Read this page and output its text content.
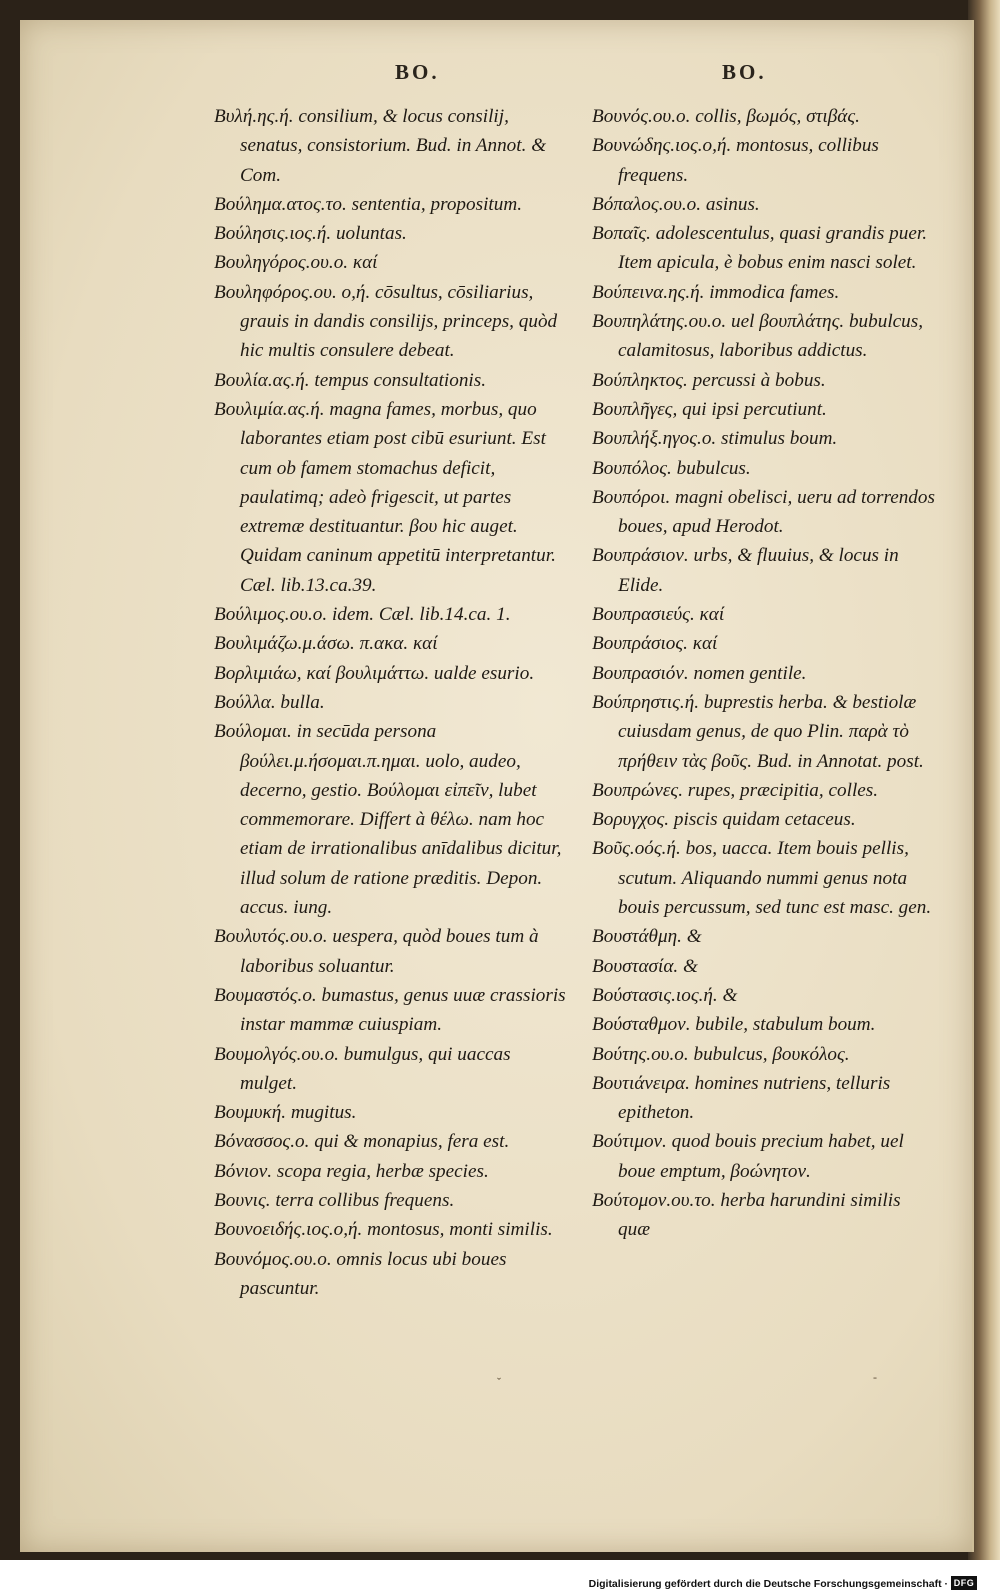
BO.	BO.

Βυλή.ης.ή. consilium, & locus consilij, senatus, consistorium. Bud. in Annot. & Com.

Βούλημα.ατος.το. sententia, propositum.

Βούλησις.ιος.ή. uoluntas.

Βουληγόρος.ου.ο. καί

Βουληφόρος.ου. ο,ή. cōsultus, cōsiliarius, grauis in dandis consilijs, princeps, quòd hic multis consulere debeat.

Βουλία.ας.ή. tempus consultationis.

Βουλιμία.ας.ή. magna fames, morbus, quo laborantes etiam post cibū esuriunt. Est cum ob famem stomachus deficit, paulatimq; adeò frigescit, ut partes extremæ destituantur. βου hic auget. Quidam caninum appetitū interpretantur. Cæl. lib.13.ca.39.

Βούλιμος.ου.ο. idem. Cæl. lib.14.ca. 1.

Βουλιμάζω.μ.άσω. π.ακα. καί

Βορλιμιάω, καί βουλιμάττω. ualde esurio.

Βούλλα. bulla.

Βούλομαι. in secūda persona βούλει.μ.ήσομαι.π.ημαι. uolo, audeo, decerno, gestio. Βούλομαι εἰπεῖν, lubet commemorare. Differt à θέλω. nam hoc etiam de irrationalibus anīdalibus dicitur, illud solum de ratione præditis. Depon. accus. iung.

Βουλυτός.ου.ο. uespera, quòd boues tum à laboribus soluantur.

Βουμαστός.ο. bumastus, genus uuæ crassioris instar mammæ cuiuspiam.

Βουμολγός.ου.ο. bumulgus, qui uaccas mulget.

Βουμυκή. mugitus.

Βόνασσος.ο. qui & monapius, fera est.

Βόνιον. scopa regia, herbæ species.

Βουνις. terra collibus frequens.

Βουνοειδής.ιος.ο,ή. montosus, monti similis.

Βουνόμος.ου.ο. omnis locus ubi boues pascuntur.

Βουνός.ου.ο. collis, βωμός, στιβάς.

Βουνώδης.ιος.ο,ή. montosus, collibus frequens.

Βόπαλος.ου.ο. asinus.

Βοπαῖς. adolescentulus, quasi grandis puer. Item apicula, è bobus enim nasci solet.

Βούπεινα.ης.ή. immodica fames.

Βουπηλάτης.ου.ο. uel βουπλάτης. bubulcus, calamitosus, laboribus addictus.

Βούπληκτος. percussi à bobus.

Βουπλῆγες, qui ipsi percutiunt.

Βουπλήξ.ηγος.ο. stimulus boum.

Βουπόλος. bubulcus.

Βουπόροι. magni obelisci, ueru ad torrendos boues, apud Herodot.

Βουπράσιον. urbs, & fluuius, & locus in Elide.

Βουπρασιεύς. καί

Βουπράσιος. καί

Βουπρασιόν. nomen gentile.

Βούπρηστις.ή. buprestis herba. & bestiolæ cuiusdam genus, de quo Plin. παρὰ τὸ πρήθειν τὰς βοῦς. Bud. in Annotat. post.

Βουπρώνες. rupes, præcipitia, colles.

Βορυγχος. piscis quidam cetaceus.

Βοῦς.οός.ή. bos, uacca. Item bouis pellis, scutum. Aliquando nummi genus nota bouis percussum, sed tunc est masc. gen.

Βουστάθμη. &

Βουστασία. &

Βούστασις.ιος.ή. &

Βούσταθμον. bubile, stabulum boum.

Βούτης.ου.ο. bubulcus, βουκόλος.

Βουτιάνειρα. homines nutriens, telluris epitheton.

Βούτιμον. quod bouis precium habet, uel boue emptum, βοώνητον.

Βούτομον.ου.το. herba harundini similis quæ

ˇ	-
Digitalisierung gefördert durch die Deutsche Forschungsgemeinschaft · DFG
